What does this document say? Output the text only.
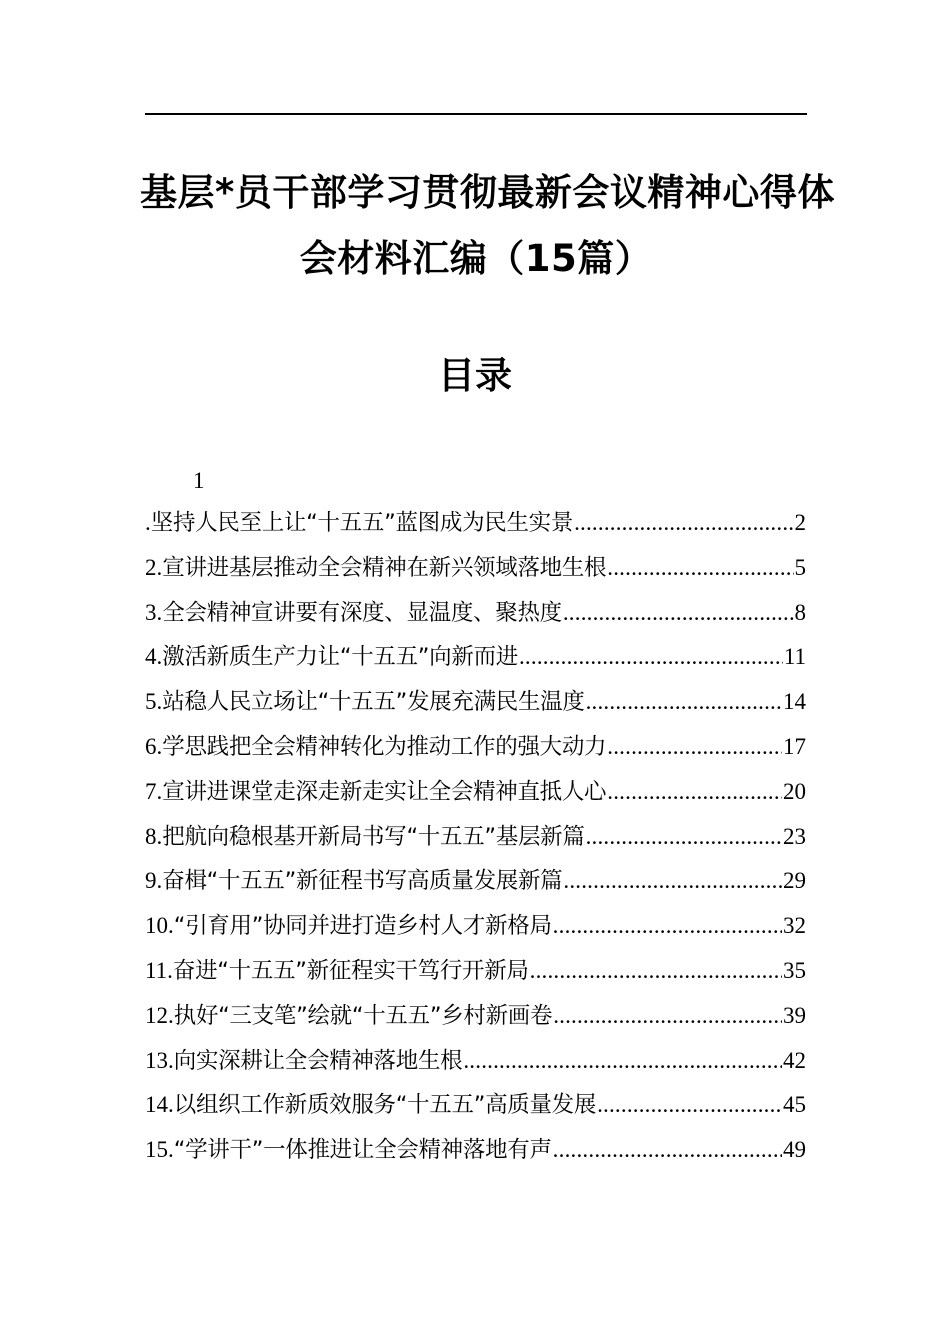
基层*员干部学习贯彻最新会议精神心得体
会材料汇编（15篇）
目录
1
.坚持人民至上让“十五五”蓝图成为民生实景 .....	2
2.宣讲进基层推动全会精神在新兴领域落地生根 .....	5
3.全会精神宣讲要有深度、显温度、聚热度 .....	8
4.激活新质生产力让“十五五”向新而进 .....	11
5.站稳人民立场让“十五五”发展充满民生温度 .....	14
6.学思践把全会精神转化为推动工作的强大动力 .....	17
7.宣讲进课堂走深走新走实让全会精神直抵人心 .....	20
8.把航向稳根基开新局书写“十五五”基层新篇 .....	23
9.奋楫“十五五”新征程书写高质量发展新篇 .....	29
10.“引育用”协同并进打造乡村人才新格局 .....	32
11.奋进“十五五”新征程实干笃行开新局 .....	35
12.执好“三支笔”绘就“十五五”乡村新画卷 .....	39
13.向实深耕让全会精神落地生根 .....	42
14.以组织工作新质效服务“十五五”高质量发展 .....	45
15.“学讲干”一体推进让全会精神落地有声 .....	49
